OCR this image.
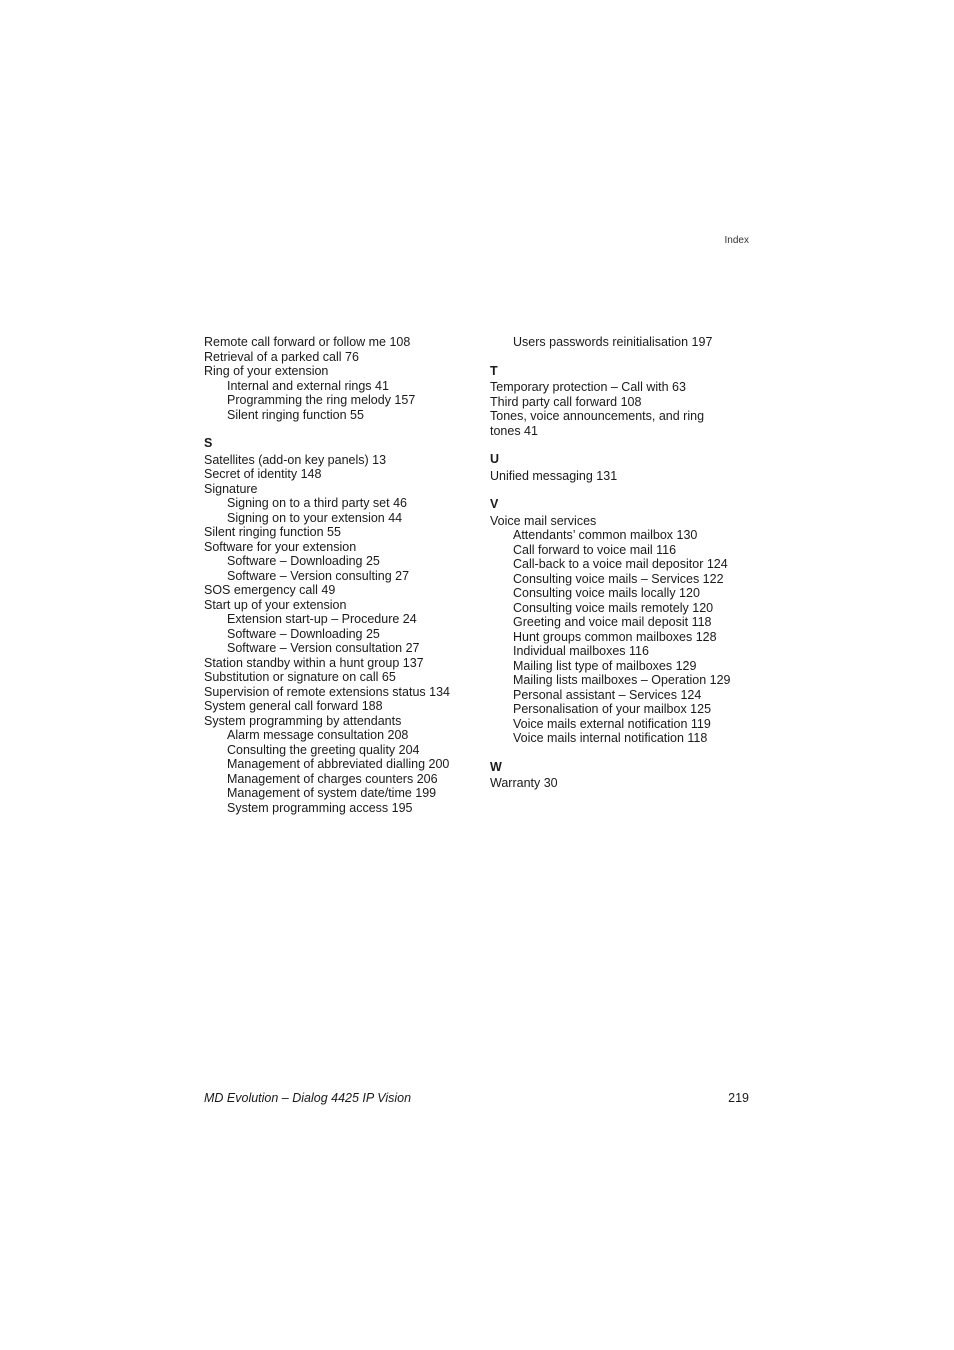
Index
Remote call forward or follow me 108
Retrieval of a parked call 76
Ring of your extension
Internal and external rings 41
Programming the ring melody 157
Silent ringing function 55
S
Satellites (add-on key panels) 13
Secret of identity 148
Signature
Signing on to a third party set 46
Signing on to your extension 44
Silent ringing function 55
Software for your extension
Software – Downloading 25
Software – Version consulting 27
SOS emergency call 49
Start up of your extension
Extension start-up – Procedure 24
Software – Downloading 25
Software – Version consultation 27
Station standby within a hunt group 137
Substitution or signature on call 65
Supervision of remote extensions status 134
System general call forward 188
System programming by attendants
Alarm message consultation 208
Consulting the greeting quality 204
Management of abbreviated dialling 200
Management of charges counters 206
Management of system date/time 199
System programming access 195
Users passwords reinitialisation 197
T
Temporary protection – Call with 63
Third party call forward 108
Tones, voice announcements, and ring tones 41
U
Unified messaging 131
V
Voice mail services
Attendants’ common mailbox 130
Call forward to voice mail 116
Call-back to a voice mail depositor 124
Consulting voice mails – Services 122
Consulting voice mails locally 120
Consulting voice mails remotely 120
Greeting and voice mail deposit 118
Hunt groups common mailboxes 128
Individual mailboxes 116
Mailing list type of mailboxes 129
Mailing lists mailboxes – Operation 129
Personal assistant – Services 124
Personalisation of your mailbox 125
Voice mails external notification 119
Voice mails internal notification 118
W
Warranty 30
MD Evolution – Dialog 4425 IP Vision	219
